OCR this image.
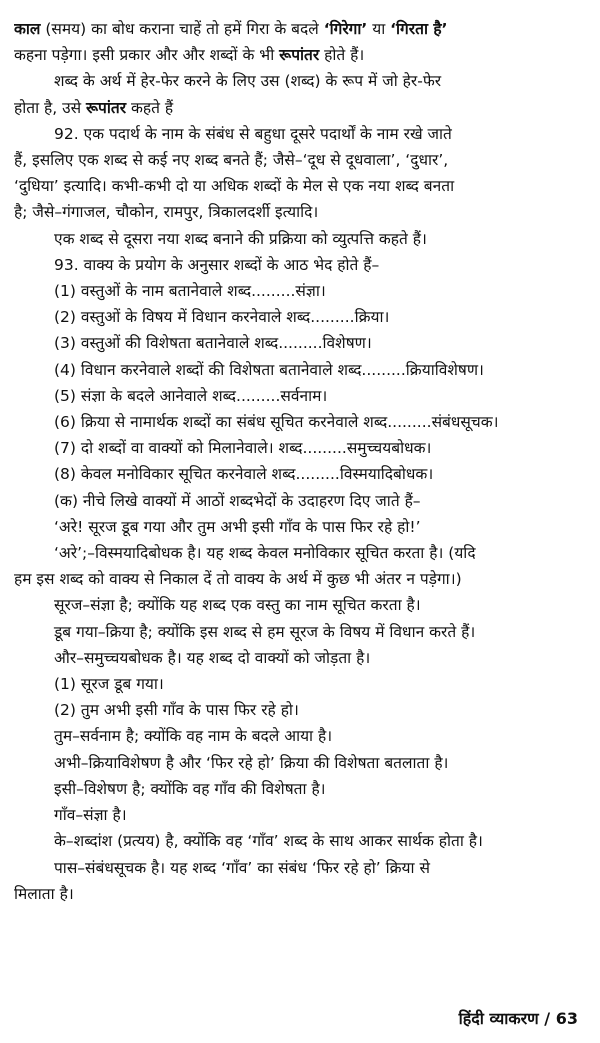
काल (समय) का बोध कराना चाहें तो हमें गिरा के बदले ‘गिरेगा’ या ‘गिरता है’
कहना पड़ेगा। इसी प्रकार और और शब्दों के भी रूपांतर होते हैं।
शब्द के अर्थ में हेर-फेर करने के लिए उस (शब्द) के रूप में जो हेर-फेर
होता है, उसे रूपांतर कहते हैं
92. एक पदार्थ के नाम के संबंध से बहुधा दूसरे पदार्थों के नाम रखे जाते
हैं, इसलिए एक शब्द से कई नए शब्द बनते हैं; जैसे–‘दूध से दूधवाला’, ‘दुधार’,
‘दुधिया’ इत्यादि। कभी-कभी दो या अधिक शब्दों के मेल से एक नया शब्द बनता
है; जैसे–गंगाजल, चौकोन, रामपुर, त्रिकालदर्शी इत्यादि।
एक शब्द से दूसरा नया शब्द बनाने की प्रक्रिया को व्युत्पत्ति कहते हैं।
93. वाक्य के प्रयोग के अनुसार शब्दों के आठ भेद होते हैं–
(1) वस्तुओं के नाम बतानेवाले शब्द.........संज्ञा।
(2) वस्तुओं के विषय में विधान करनेवाले शब्द.........क्रिया।
(3) वस्तुओं की विशेषता बतानेवाले शब्द.........विशेषण।
(4) विधान करनेवाले शब्दों की विशेषता बतानेवाले शब्द.........क्रियाविशेषण।
(5) संज्ञा के बदले आनेवाले शब्द.........सर्वनाम।
(6) क्रिया से नामार्थक शब्दों का संबंध सूचित करनेवाले शब्द.........संबंधसूचक।
(7) दो शब्दों वा वाक्यों को मिलानेवाले। शब्द.........समुच्चयबोधक।
(8) केवल मनोविकार सूचित करनेवाले शब्द.........विस्मयादिबोधक।
(क) नीचे लिखे वाक्यों में आठों शब्दभेदों के उदाहरण दिए जाते हैं–
‘अरे! सूरज डूब गया और तुम अभी इसी गाँव के पास फिर रहे हो!’
‘अरे’;–विस्मयादिबोधक है। यह शब्द केवल मनोविकार सूचित करता है। (यदि
हम इस शब्द को वाक्य से निकाल दें तो वाक्य के अर्थ में कुछ भी अंतर न पड़ेगा।)
सूरज–संज्ञा है; क्योंकि यह शब्द एक वस्तु का नाम सूचित करता है।
डूब गया–क्रिया है; क्योंकि इस शब्द से हम सूरज के विषय में विधान करते हैं।
और–समुच्चयबोधक है। यह शब्द दो वाक्यों को जोड़ता है।
(1) सूरज डूब गया।
(2) तुम अभी इसी गाँव के पास फिर रहे हो।
तुम–सर्वनाम है; क्योंकि वह नाम के बदले आया है।
अभी–क्रियाविशेषण है और ‘फिर रहे हो’ क्रिया की विशेषता बतलाता है।
इसी–विशेषण है; क्योंकि वह गाँव की विशेषता है।
गाँव–संज्ञा है।
के–शब्दांश (प्रत्यय) है, क्योंकि वह ‘गाँव’ शब्द के साथ आकर सार्थक होता है।
पास–संबंधसूचक है। यह शब्द ‘गाँव’ का संबंध ‘फिर रहे हो’ क्रिया से
मिलाता है।
हिंदी व्याकरण / 63
